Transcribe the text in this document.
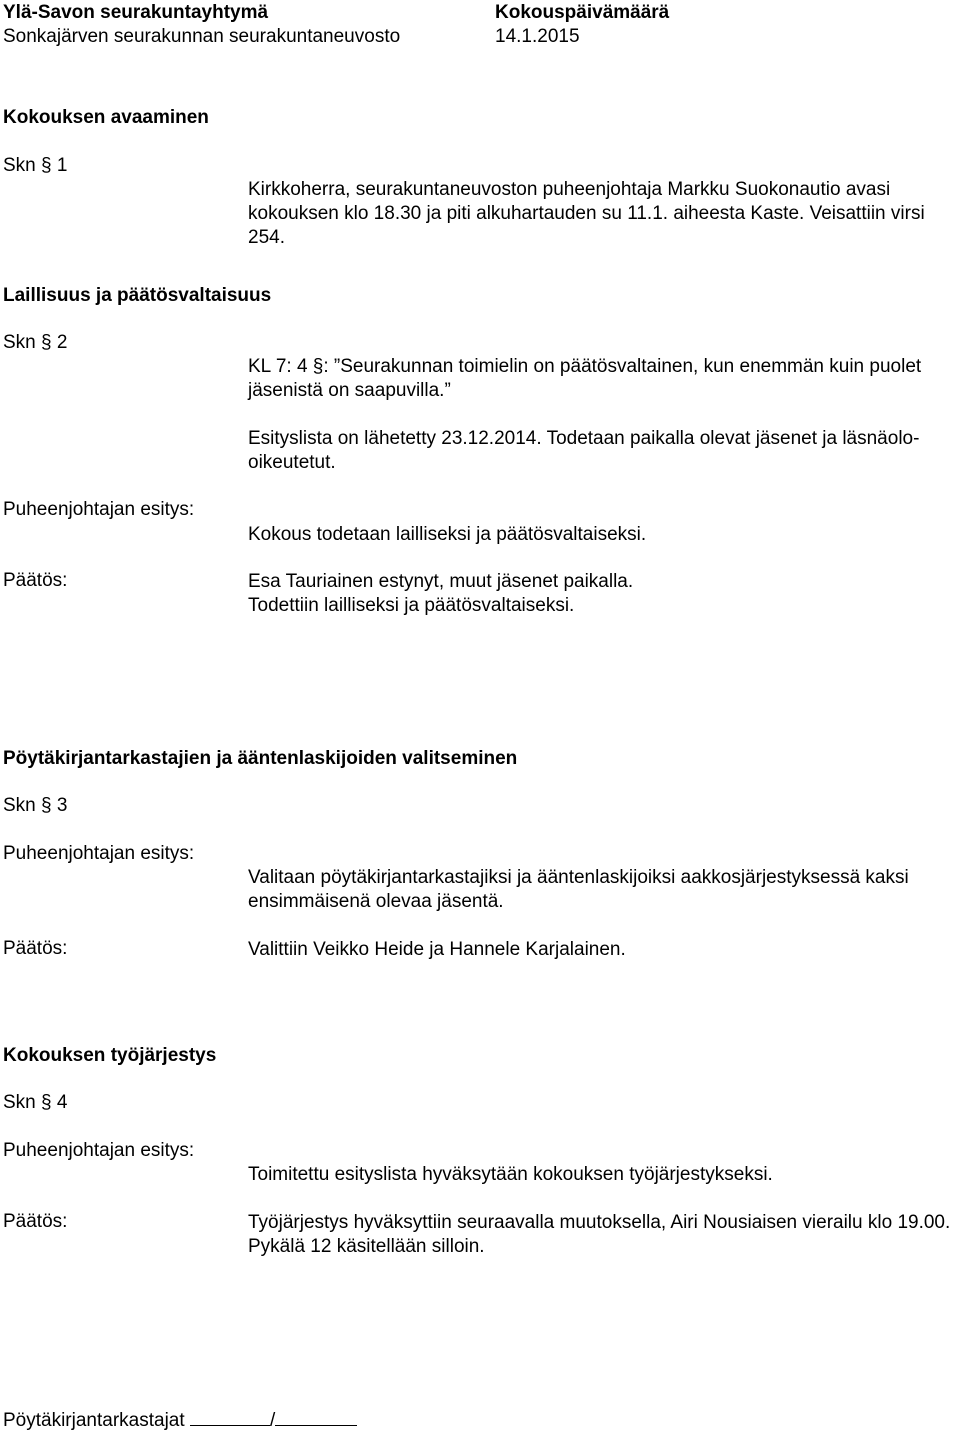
Ylä-Savon seurakuntayhtymä
Sonkajärven seurakunnan seurakuntaneuvosto
Kokouspäivämäärä
14.1.2015
Kokouksen avaaminen
Skn § 1
Kirkkoherra, seurakuntaneuvoston puheenjohtaja Markku Suokonautio avasi kokouksen klo 18.30 ja piti alkuhartauden su 11.1. aiheesta Kaste. Veisattiin virsi 254.
Laillisuus ja päätösvaltaisuus
Skn § 2
KL 7: 4 §: ”Seurakunnan toimielin on päätösvaltainen, kun enemmän kuin puolet jäsenistä on saapuvilla.”
Esityslista on lähetetty 23.12.2014. Todetaan paikalla olevat jäsenet ja läsnäolo-oikeutetut.
Puheenjohtajan esitys:
Kokous todetaan lailliseksi ja päätösvaltaiseksi.
Päätös:	Esa Tauriainen estynyt, muut jäsenet paikalla. Todettiin lailliseksi ja päätösvaltaiseksi.
Pöytäkirjantarkastajien ja ääntenlaskijoiden valitseminen
Skn § 3
Puheenjohtajan esitys:
Valitaan pöytäkirjantarkastajiksi ja ääntenlaskijoiksi aakkosjärjestyksessä kaksi ensimmäisenä olevaa jäsentä.
Päätös:	Valittiin Veikko Heide ja Hannele Karjalainen.
Kokouksen työjärjestys
Skn § 4
Puheenjohtajan esitys:
Toimitettu esityslista hyväksytään kokouksen työjärjestykseksi.
Päätös:	Työjärjestys hyväksyttiin seuraavalla muutoksella, Airi Nousiaisen vierailu klo 19.00. Pykälä 12 käsitellään silloin.
Pöytäkirjantarkastajat	/
